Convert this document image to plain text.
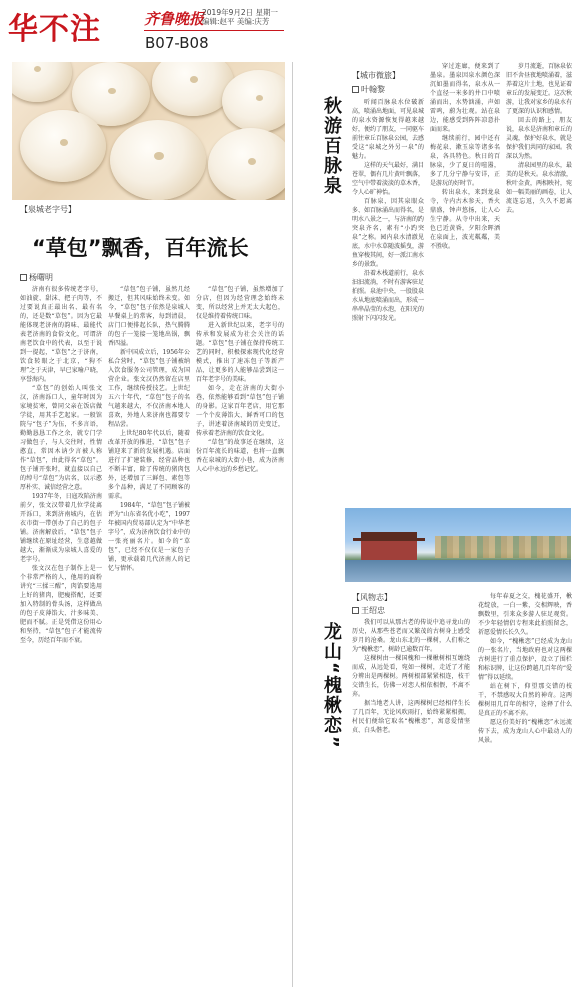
华不注	齐鲁晚报
2019年9月2日 星期一
编辑:赵平 美编:庆芳
B07-B08
【泉城老字号】
“草包”飘香，百年流长
杨曙明

济南有很多传统老字号，如油旋、甜沫、把子肉等，不过要说真正最出名、最有名的，还是数“草包”。因为它最能体现老济南的韵味、最能代表老济南的食俗文化，可谓济南老饮食中的代表，以至于说到一提起，“草包”之于济南，饮食转眼之于北京，“狗不理”之于天津，早已家喻户晓，享誉海内。

“草包”的创始人叫张文汉，济南泺口人，童年时因为家境贫寒，曾同父亲在饭店做学徒，用其手艺起家。一般馆院与“包子”为伍，不多言语，勤勤恳恳工作之余，就专门学习做包子，与人交往时，性情憨直，常因木讷少言被人称作“草包”，由此得名“草包”。包子铺开张时，就直接以自己的绰号“草包”为店名，以示憨厚朴实、诚信经营之意。

1937年冬，日寇攻陷济南前夕，张文汉带着几位学徒离开泺口，来到济南城内，在估衣市街一带创办了自己的包子铺。济南解放后，“草包”包子铺继续在原址经营，生意越做越大，渐渐成为泉城人喜爱的老字号。

张文汉在包子制作上是一个非常严格的人，他用的面粉讲究“三揉三醒”，肉馅要选用上好的猪肉，肥瘦搭配，还要加入特制的骨头汤，这样做出的包子皮薄馅大、汁多味美、肥而不腻。正是凭借这份用心和坚持，“草包”包子才能流传至今，历经百年而不衰。

“草包”包子铺，虽然几经搬迁，但其风味始终未变。如今，“草包”包子依然是泉城人早餐桌上的常客，每到清晨，店门口便排起长队，热气腾腾的包子一笼接一笼地出锅，飘香四溢。

新中国成立后，1956年公私合营时，“草包”包子铺被纳入饮食服务公司管理，成为国营企业。张文汉仍然留在店里工作，继续传授技艺。上世纪五六十年代，“草包”包子的名气越来越大，不仅济南本地人喜欢，外地人来济南也都要专程品尝。

上世纪80年代以后，随着改革开放的推进，“草包”包子铺迎来了新的发展机遇。店面进行了扩建装修，经营品种也不断丰富，除了传统的猪肉包外，还增加了三鲜包、素包等多个品种，满足了不同顾客的需求。

1984年，“草包”包子铺被评为“山东省名优小吃”，1997年被国内贸易部认定为“中华老字号”，成为济南饮食行业中的一张亮丽名片。如今的“草包”，已经不仅仅是一家包子铺，更承载着几代济南人的记忆与情怀。

“草包”包子铺，虽然增加了分店，但因为经营理念始终未变，所以经营上并无太大起色，仅是维持着传统口味。

进入新世纪以来，老字号的传承和发展成为社会关注的话题。“草包”包子铺在保持传统工艺的同时，积极探索现代化经营模式，推出了速冻包子等新产品，让更多的人能够品尝到这一百年老字号的美味。

如今，走在济南的大街小巷，依然能够看到“草包”包子铺的身影。这家百年老店，用它那一个个皮薄馅大、鲜香可口的包子，讲述着济南城的历史变迁，传承着老济南的饮食文化。

“草包”的故事还在继续，这份百年流长的味道，也将一直飘香在泉城的大街小巷，成为济南人心中永远的乡愁记忆。

【城市微旅】
叶翰黎
秋游百脉泉	听闻百脉泉水位破新高，喷涌出地面，可见泉城的泉水资源恢复得越来越好，便约了朋友，一同驱车前往章丘百脉泉公园，去感受这“泉城之外另一泉”的魅力。

这样的天气最好，满目苍翠，偶有几片黄叶飘落，空气中带着淡淡的草木香，令人心旷神怡。

百脉泉，因其泉眼众多、如百脉涌出而得名，是明水八景之一，与济南的趵突泉齐名，素有“小趵突泉”之称。园内泉水清澈见底，水中水草随波摇曳，游鱼穿梭其间，好一派江南水乡的景致。

沿着木栈道前行，泉水汩汩流淌，不时有游客驻足拍照。泉池中央，一股股泉水从地底喷涌而出，形成一串串晶莹的水泡，在阳光的照射下闪闪发光。

穿过连廊，便来到了墨泉。墨泉因泉水颜色深沉如墨而得名，泉水从一个直径一米多的井口中喷涌而出，水势汹涌，声如雷鸣，蔚为壮观。站在泉边，能感受到阵阵凉意扑面而来。

继续前行，园中还有梅花泉、漱玉泉等诸多名泉，各具特色。秋日的百脉泉，少了夏日的喧嚣，多了几分宁静与安详，正是游玩的好时节。

转出泉水，来到龙泉寺，寺内古木参天，香火鼎盛，钟声悠扬，让人心生宁静。从寺中出来，天色已近黄昏，夕阳余晖洒在泉面上，波光粼粼，美不胜收。

岁月流逝，百脉泉依旧不舍昼夜地喷涌着，滋养着这片土地，也见证着章丘的发展变迁。这次秋游，让我对家乡的泉水有了更深的认识和感情。

回去的路上，朋友说，泉水是济南和章丘的灵魂，保护好泉水，就是保护我们共同的家园。我深以为然。

清泉园里的泉水，最美的是秋天。泉水清澈，秋叶金黄，两相映衬，宛如一幅美丽的画卷，让人流连忘返，久久不愿离去。

【风物志】
王绍忠
龙山“槐楸恋”	我们可以从那古老的传说中追寻龙山的历史，从那些苍老而又繁茂的古树身上感受岁月的沧桑。龙山东北的一棵树，人们称之为“槐楸恋”，树龄已逾数百年。

这棵树由一棵国槐和一棵楸树相互缠绕而成，从远处看，宛如一棵树，走近了才能分辨出是两棵树。两树根部紧紧相连，枝干交错生长，仿佛一对恋人相依相偎，不离不弃。

据当地老人讲，这两棵树已经相伴生长了几百年，无论风吹雨打，始终紧紧相拥，村民们便给它取名“槐楸恋”，寓意爱情坚贞、白头偕老。

每年春夏之交，槐花盛开，楸花绽放，一白一紫，交相辉映，香飘数里，引来众多游人驻足观赏。不少年轻情侣专程来此拍照留念，祈愿爱情长长久久。

如今，“槐楸恋”已经成为龙山的一张名片，当地政府也对这两棵古树进行了重点保护，设立了围栏和标识牌，让这份跨越几百年的“爱情”得以延续。

站在树下，仰望那交错的枝干，不禁感叹大自然的神奇。这两棵树用几百年的相守，诠释了什么是真正的不离不弃。

愿这份美好的“槐楸恋”永远流传下去，成为龙山人心中最动人的风景。
